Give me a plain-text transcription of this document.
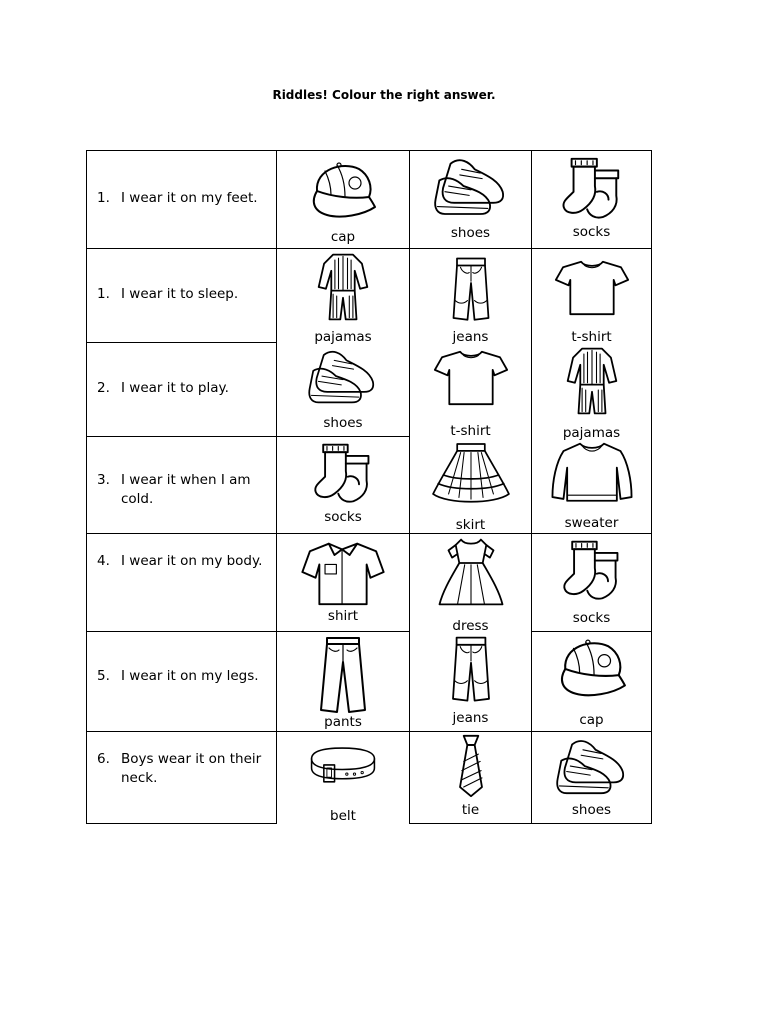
Riddles! Colour the right answer.
1. I wear it on my feet.	cap	shoes	socks

1. I wear it to sleep.	pajamas	jeans	t-shirt

2. I wear it to play.	shoes	t-shirt	pajamas

3. I wear it when I am cold.	socks	skirt	sweater

4. I wear it on my body.	shirt	dress	socks

5. I wear it on my legs.	pants	jeans	cap

6. Boys wear it on their neck.	belt	tie	shoes
